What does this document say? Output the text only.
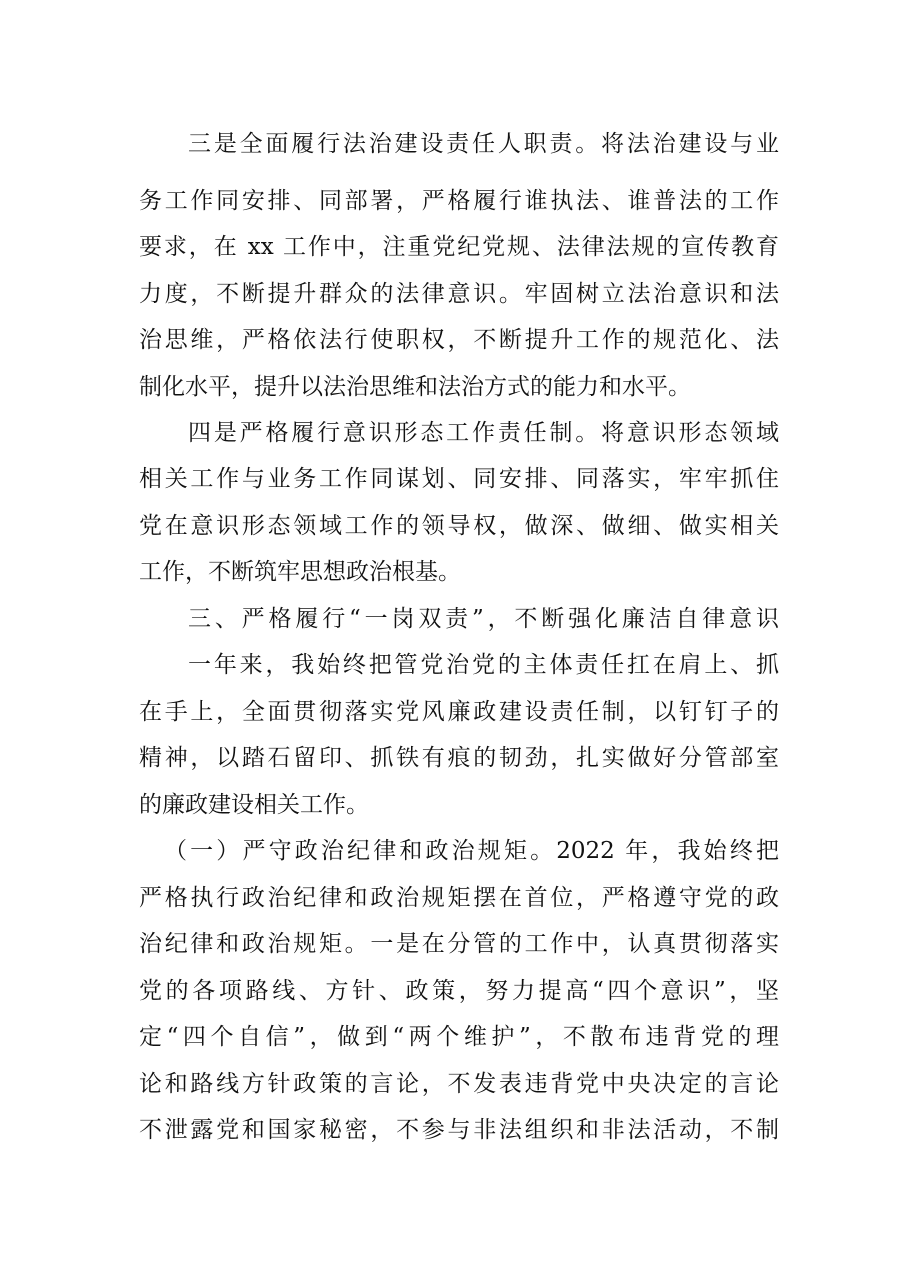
三是全面履行法治建设责任人职责。将法治建设与业
务工作同安排、同部署，严格履行谁执法、谁普法的工作
要求，在 xx 工作中，注重党纪党规、法律法规的宣传教育
力度，不断提升群众的法律意识。牢固树立法治意识和法
治思维，严格依法行使职权，不断提升工作的规范化、法
制化水平，提升以法治思维和法治方式的能力和水平。
四是严格履行意识形态工作责任制。将意识形态领域
相关工作与业务工作同谋划、同安排、同落实，牢牢抓住
党在意识形态领域工作的领导权，做深、做细、做实相关
工作，不断筑牢思想政治根基。
三、严格履行“一岗双责”，不断强化廉洁自律意识
一年来，我始终把管党治党的主体责任扛在肩上、抓
在手上，全面贯彻落实党风廉政建设责任制，以钉钉子的
精神，以踏石留印、抓铁有痕的韧劲，扎实做好分管部室
的廉政建设相关工作。
（一）严守政治纪律和政治规矩。2022 年，我始终把
严格执行政治纪律和政治规矩摆在首位，严格遵守党的政
治纪律和政治规矩。一是在分管的工作中，认真贯彻落实
党的各项路线、方针、政策，努力提高“四个意识”，坚
定“四个自信”，做到“两个维护”，不散布违背党的理
论和路线方针政策的言论，不发表违背党中央决定的言论
不泄露党和国家秘密，不参与非法组织和非法活动，不制
